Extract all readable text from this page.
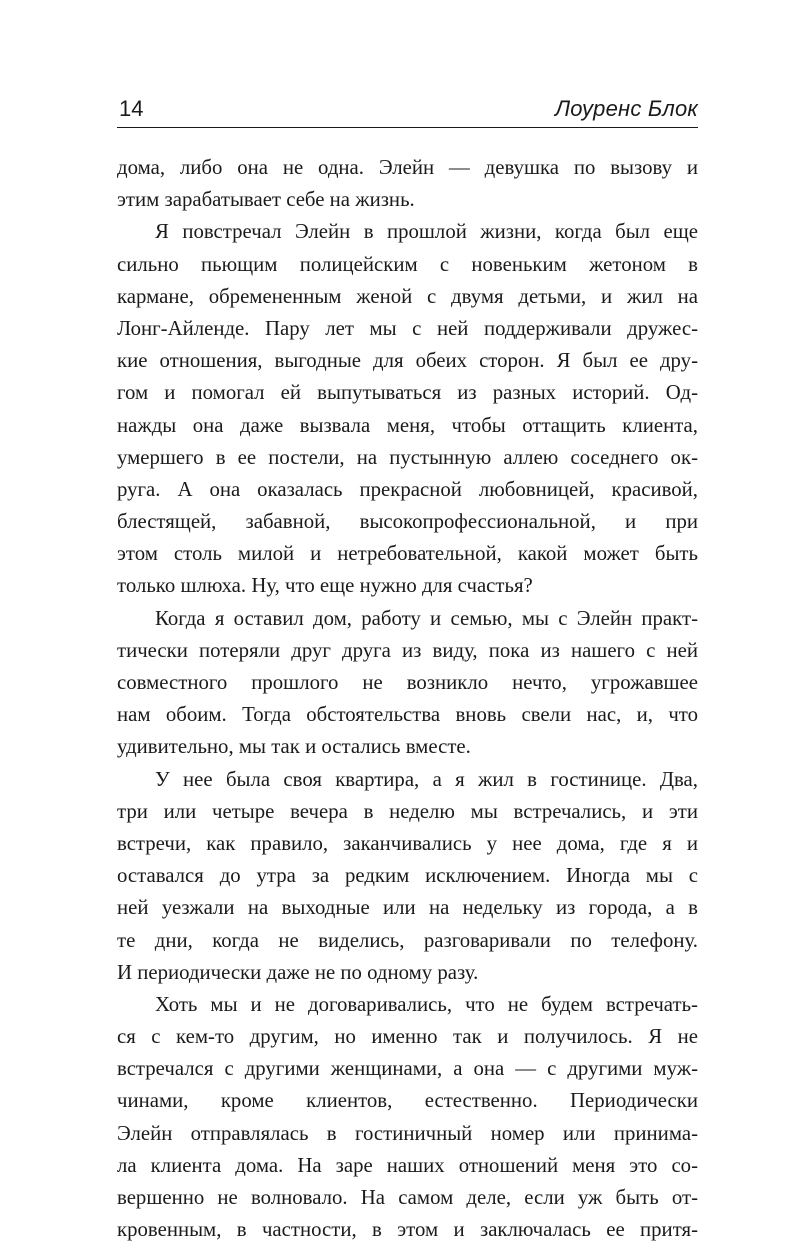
14	Лоуренс Блок
дома, либо она не одна. Элейн — девушка по вызову и
этим зарабатывает себе на жизнь.
Я повстречал Элейн в прошлой жизни, когда был еще
сильно пьющим полицейским с новеньким жетоном в
кармане, обремененным женой с двумя детьми, и жил на
Лонг-Айленде. Пару лет мы с ней поддерживали дружес-
кие отношения, выгодные для обеих сторон. Я был ее дру-
гом и помогал ей выпутываться из разных историй. Од-
нажды она даже вызвала меня, чтобы оттащить клиента,
умершего в ее постели, на пустынную аллею соседнего ок-
руга. А она оказалась прекрасной любовницей, красивой,
блестящей, забавной, высокопрофессиональной, и при
этом столь милой и нетребовательной, какой может быть
только шлюха. Ну, что еще нужно для счастья?
Когда я оставил дом, работу и семью, мы с Элейн практ-
тически потеряли друг друга из виду, пока из нашего с ней
совместного прошлого не возникло нечто, угрожавшее
нам обоим. Тогда обстоятельства вновь свели нас, и, что
удивительно, мы так и остались вместе.
У нее была своя квартира, а я жил в гостинице. Два,
три или четыре вечера в неделю мы встречались, и эти
встречи, как правило, заканчивались у нее дома, где я и
оставался до утра за редким исключением. Иногда мы с
ней уезжали на выходные или на недельку из города, а в
те дни, когда не виделись, разговаривали по телефону.
И периодически даже не по одному разу.
Хоть мы и не договаривались, что не будем встречать-
ся с кем-то другим, но именно так и получилось. Я не
встречался с другими женщинами, а она — с другими муж-
чинами, кроме клиентов, естественно. Периодически
Элейн отправлялась в гостиничный номер или принима-
ла клиента дома. На заре наших отношений меня это со-
вершенно не волновало. На самом деле, если уж быть от-
кровенным, в частности, в этом и заключалась ее притя-
